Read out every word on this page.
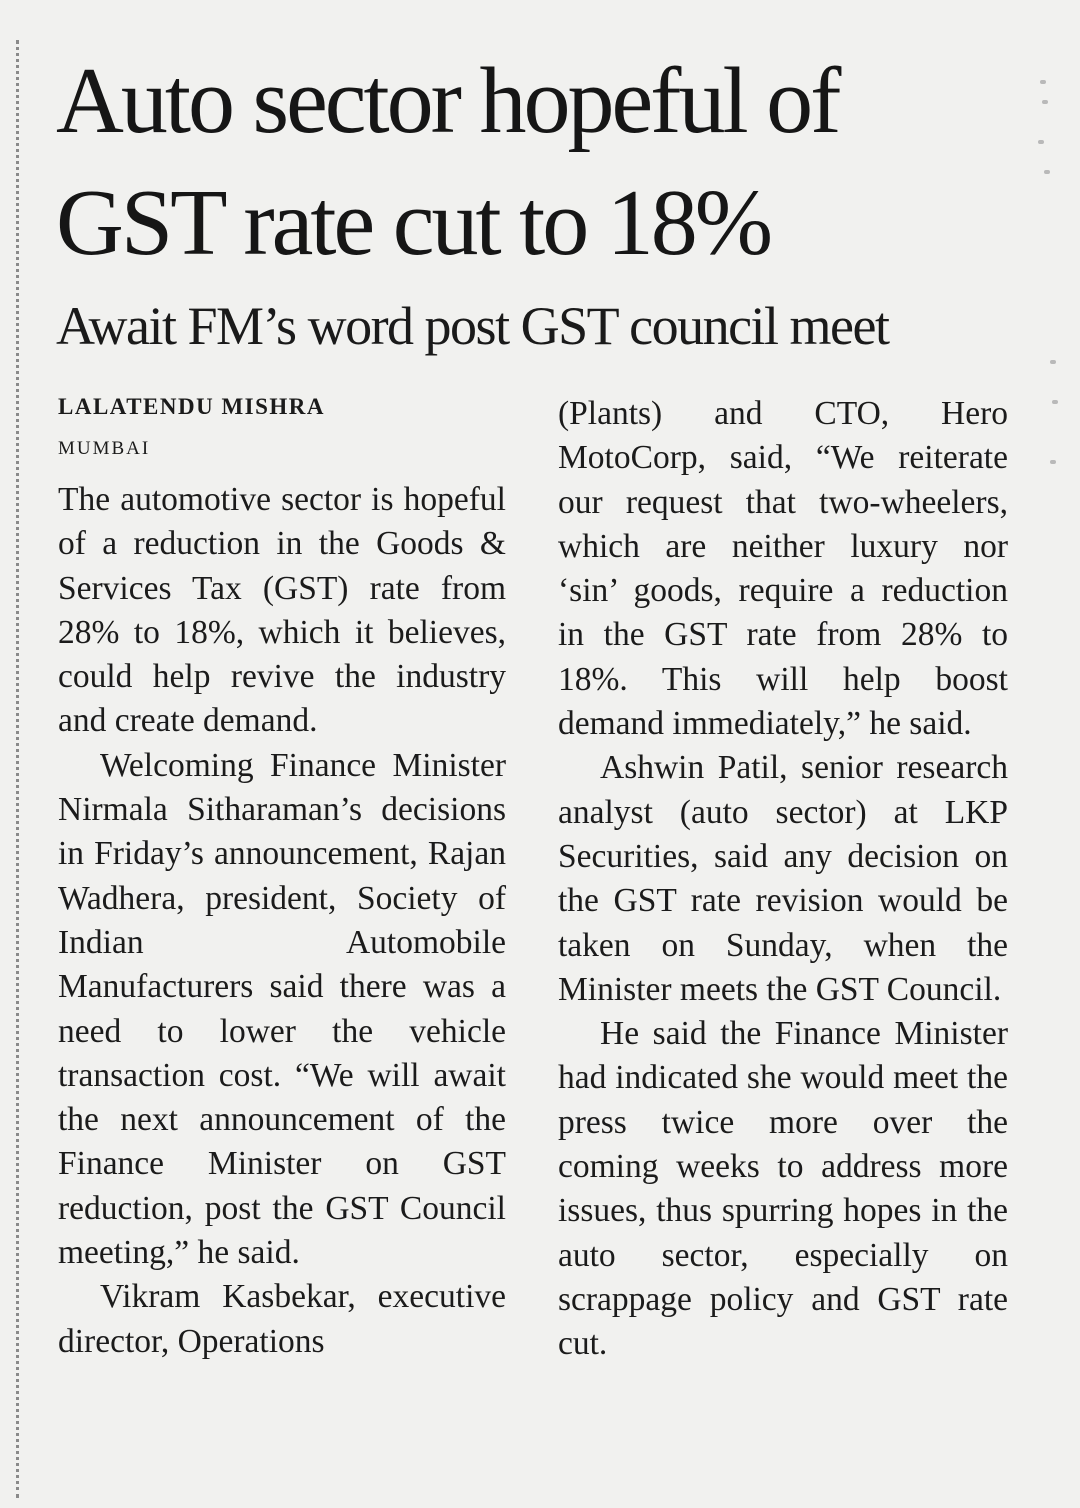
Auto sector hopeful of GST rate cut to 18%
Await FM’s word post GST council meet
LALATENDU MISHRA
MUMBAI

The automotive sector is hopeful of a reduction in the Goods & Services Tax (GST) rate from 28% to 18%, which it believes, could help revive the industry and create demand.

Welcoming Finance Minister Nirmala Sitharaman’s decisions in Friday’s announcement, Rajan Wadhera, president, Society of Indian Automobile Manufacturers said there was a need to lower the vehicle transaction cost. “We will await the next announcement of the Finance Minister on GST reduction, post the GST Council meeting,” he said.

Vikram Kasbekar, executive director, Operations

(Plants) and CTO, Hero MotoCorp, said, “We reiterate our request that two-wheelers, which are neither luxury nor ‘sin’ goods, require a reduction in the GST rate from 28% to 18%. This will help boost demand immediately,” he said.

Ashwin Patil, senior research analyst (auto sector) at LKP Securities, said any decision on the GST rate revision would be taken on Sunday, when the Minister meets the GST Council.

He said the Finance Minister had indicated she would meet the press twice more over the coming weeks to address more issues, thus spurring hopes in the auto sector, especially on scrappage policy and GST rate cut.
